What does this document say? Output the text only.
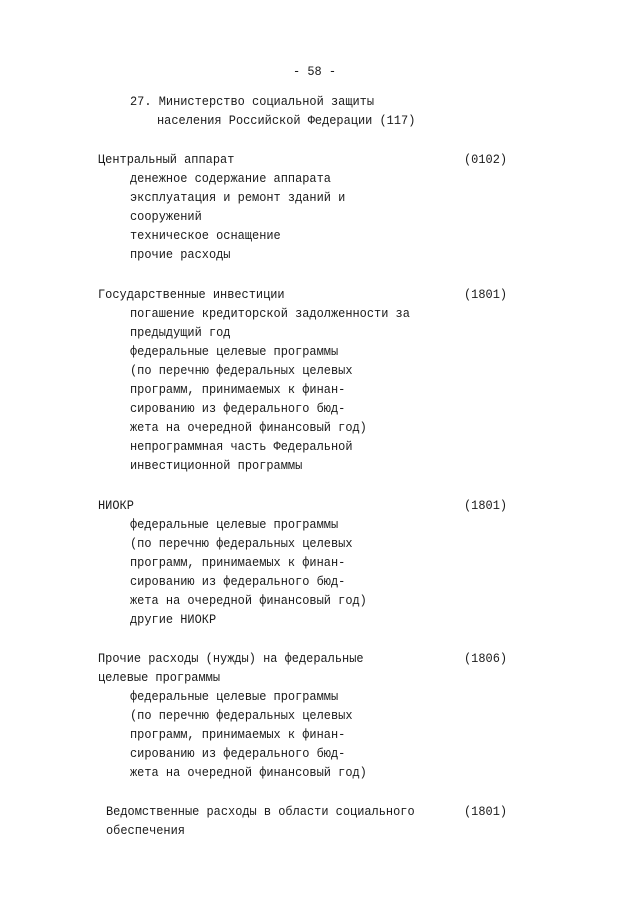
- 58 -
27. Министерство социальной защиты
населения Российской Федерации (117)
Центральный аппарат	(0102)
денежное содержание аппарата
эксплуатация и ремонт зданий и
сооружений
техническое оснащение
прочие расходы
Государственные инвестиции	(1801)
погашение кредиторской задолженности за
предыдущий год
федеральные целевые программы
(по перечню федеральных целевых
программ, принимаемых к финан-
сированию из федерального бюд-
жета на очередной финансовый год)
непрограммная часть Федеральной
инвестиционной программы
НИОКР	(1801)
федеральные целевые программы
(по перечню федеральных целевых
программ, принимаемых к финан-
сированию из федерального бюд-
жета на очередной финансовый год)
другие НИОКР
Прочие расходы (нужды) на федеральные	(1806)
целевые программы
федеральные целевые программы
(по перечню федеральных целевых
программ, принимаемых к финан-
сированию из федерального бюд-
жета на очередной финансовый год)
Ведомственные расходы в области социального	(1801)
обеспечения
